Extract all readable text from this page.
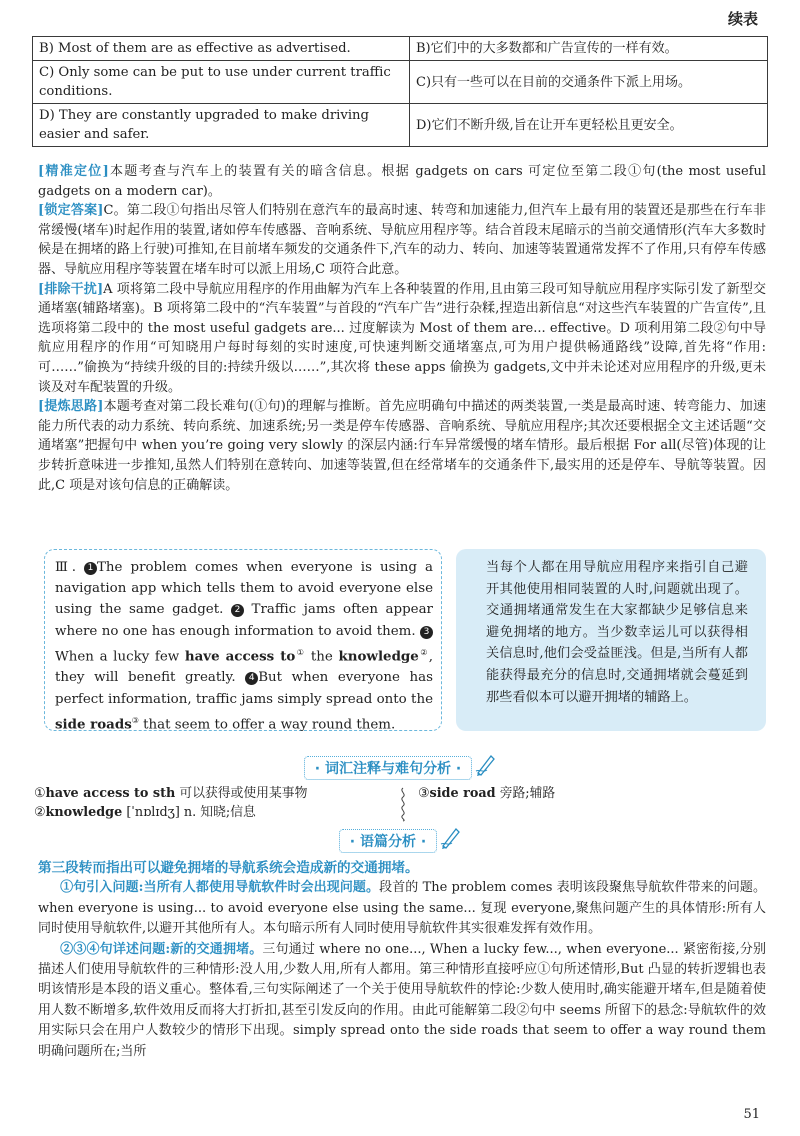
续表
B) Most of them are as effective as advertised.	B)它们中的大多数都和广告宣传的一样有效。
C) Only some can be put to use under current traffic conditions.	C)只有一些可以在目前的交通条件下派上用场。
D) They are constantly upgraded to make driving easier and safer.	D)它们不断升级,旨在让开车更轻松且更安全。

[精准定位]本题考查与汽车上的装置有关的暗含信息。根据 gadgets on cars 可定位至第二段①句(the most useful gadgets on a modern car)。

[锁定答案]C。第二段①句指出尽管人们特别在意汽车的最高时速、转弯和加速能力,但汽车上最有用的装置还是那些在行车非常缓慢(堵车)时起作用的装置,诸如停车传感器、音响系统、导航应用程序等。结合首段末尾暗示的当前交通情形(汽车大多数时候是在拥堵的路上行驶)可推知,在目前堵车频发的交通条件下,汽车的动力、转向、加速等装置通常发挥不了作用,只有停车传感器、导航应用程序等装置在堵车时可以派上用场,C 项符合此意。

[排除干扰]A 项将第二段中导航应用程序的作用曲解为汽车上各种装置的作用,且由第三段可知导航应用程序实际引发了新型交通堵塞(辅路堵塞)。B 项将第二段中的“汽车装置”与首段的“汽车广告”进行杂糅,捏造出新信息“对这些汽车装置的广告宣传”,且选项将第二段中的 the most useful gadgets are... 过度解读为 Most of them are... effective。D 项利用第二段②句中导航应用程序的作用“可知晓用户每时每刻的实时速度,可快速判断交通堵塞点,可为用户提供畅通路线”设障,首先将“作用:可……”偷换为“持续升级的目的:持续升级以……”,其次将 these apps 偷换为 gadgets,文中并未论述对应用程序的升级,更未谈及对车配装置的升级。

[提炼思路]本题考查对第二段长难句(①句)的理解与推断。首先应明确句中描述的两类装置,一类是最高时速、转弯能力、加速能力所代表的动力系统、转向系统、加速系统;另一类是停车传感器、音响系统、导航应用程序;其次还要根据全文主述话题“交通堵塞”把握句中 when you’re going very slowly 的深层内涵:行车异常缓慢的堵车情形。最后根据 For all(尽管)体现的让步转折意味进一步推知,虽然人们特别在意转向、加速等装置,但在经常堵车的交通条件下,最实用的还是停车、导航等装置。因此,C 项是对该句信息的正确解读。

Ⅲ. 1 The problem comes when everyone is using a navigation app which tells them to avoid everyone else using the same gadget. 2 Traffic jams often appear where no one has enough information to avoid them. 3When a lucky few have access to① the knowledge②, they will benefit greatly. 4 But when everyone has perfect information, traffic jams simply spread onto the side roads③ that seem to offer a way round them.

当每个人都在用导航应用程序来指引自己避开其他使用相同装置的人时,问题就出现了。交通拥堵通常发生在大家都缺少足够信息来避免拥堵的地方。当少数幸运儿可以获得相关信息时,他们会受益匪浅。但是,当所有人都能获得最充分的信息时,交通拥堵就会蔓延到那些看似本可以避开拥堵的辅路上。

· 词汇注释与难句分析 ·
①have access to sth 可以获得或使用某事物
②knowledge [ˈnɒlɪdʒ] n. 知晓;信息
③side road 旁路;辅路
· 语篇分析 ·

第三段转而指出可以避免拥堵的导航系统会造成新的交通拥堵。

①句引入问题:当所有人都使用导航软件时会出现问题。段首的 The problem comes 表明该段聚焦导航软件带来的问题。when everyone is using... to avoid everyone else using the same... 复现 everyone,聚焦问题产生的具体情形:所有人同时使用导航软件,以避开其他所有人。本句暗示所有人同时使用导航软件其实很难发挥有效作用。

②③④句详述问题:新的交通拥堵。三句通过 where no one..., When a lucky few..., when everyone... 紧密衔接,分别描述人们使用导航软件的三种情形:没人用,少数人用,所有人都用。第三种情形直接呼应①句所述情形,But 凸显的转折逻辑也表明该情形是本段的语义重心。整体看,三句实际阐述了一个关于使用导航软件的悖论:少数人使用时,确实能避开堵车,但是随着使用人数不断增多,软件效用反而将大打折扣,甚至引发反向的作用。由此可能解第二段②句中 seems 所留下的悬念:导航软件的效用实际只会在用户人数较少的情形下出现。simply spread onto the side roads that seem to offer a way round them 明确问题所在;当所

51
